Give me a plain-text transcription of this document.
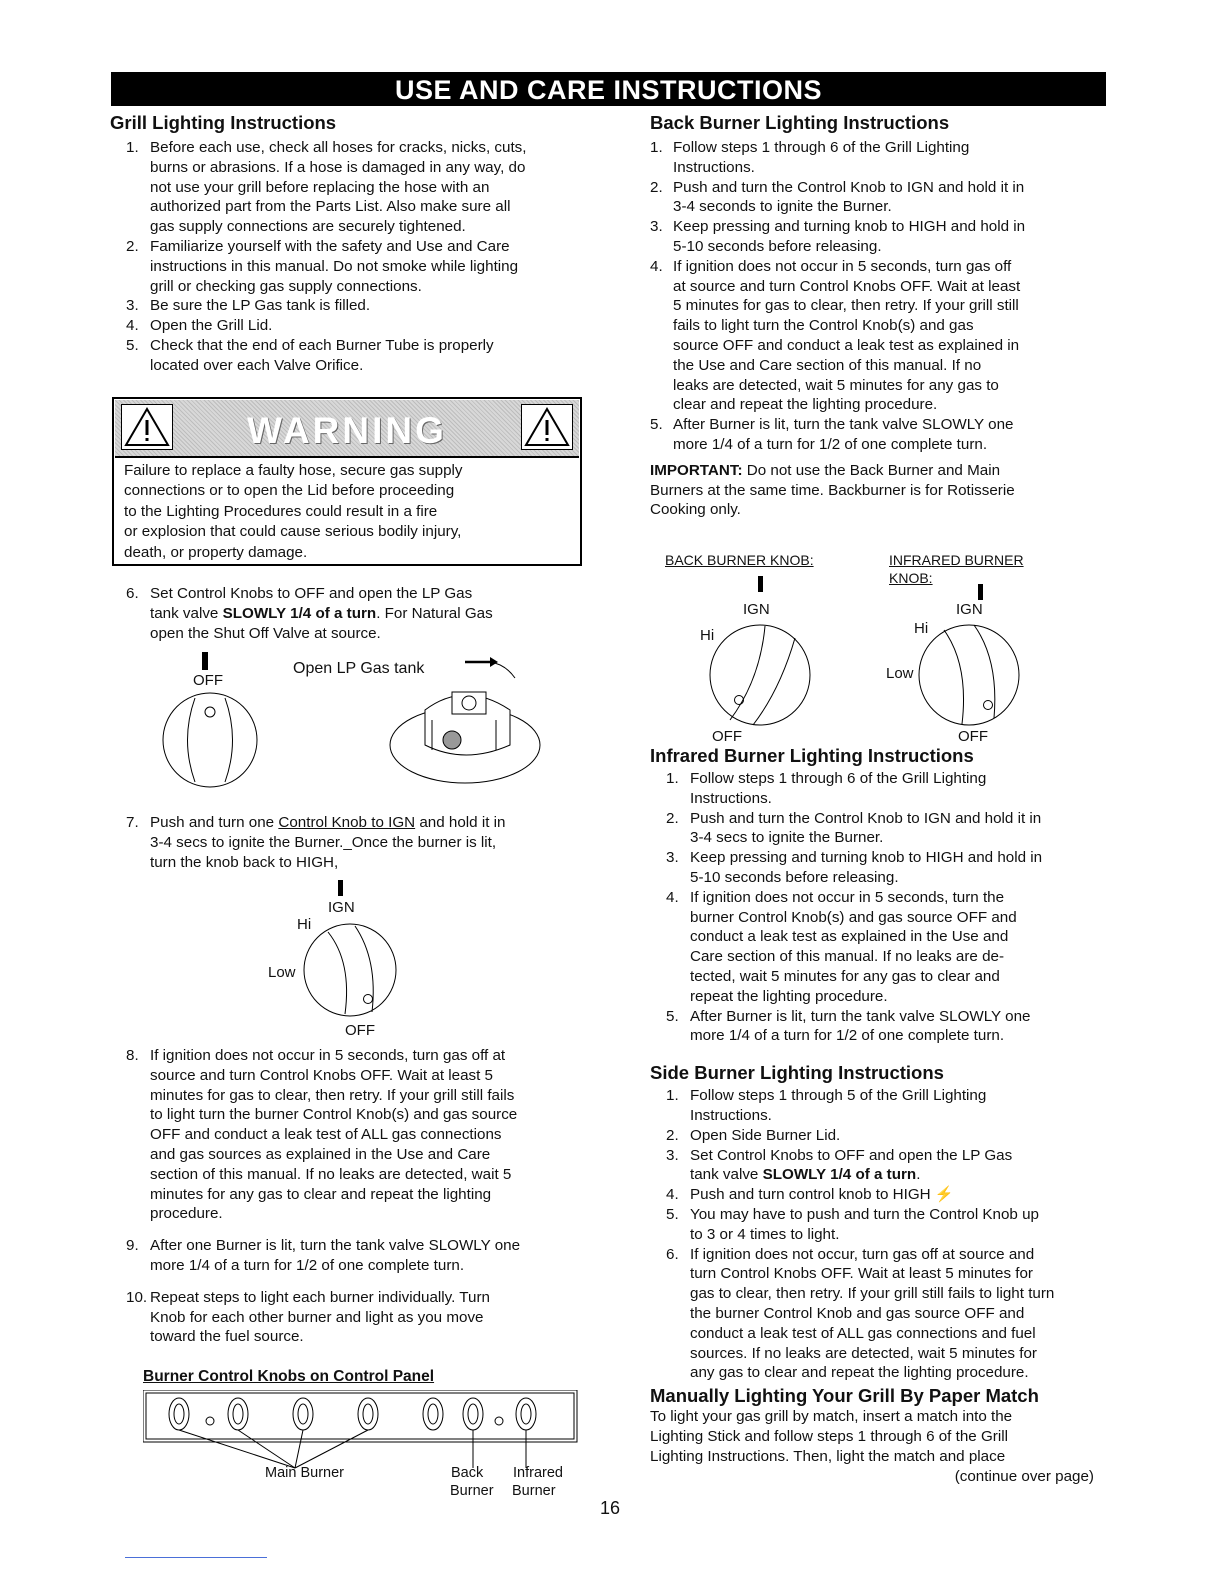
USE AND CARE INSTRUCTIONS
Grill Lighting Instructions
1. Before each use, check all hoses for cracks, nicks, cuts,
burns or abrasions. If a hose is damaged in any way, do
not use your grill before replacing the hose with an
authorized part from the Parts List. Also make sure all
gas supply connections are securely tightened.
2. Familiarize yourself with the safety and Use and Care
instructions in this manual. Do not smoke while lighting
grill or checking gas supply connections.
3. Be sure the LP Gas tank is filled.
4. Open the Grill Lid.
5. Check that the end of each Burner Tube is properly
located over each Valve Orifice.
WARNING
Failure to replace a faulty hose, secure gas supply
connections or to open the Lid before proceeding
to the Lighting Procedures could result in a fire
or explosion that could cause serious bodily injury,
death, or property damage.
6. Set Control Knobs to OFF and open the LP Gas
tank valve SLOWLY 1/4 of a turn. For Natural Gas
open the Shut Off Valve at source.
OFF
Open LP Gas tank
7. Push and turn one Control Knob to IGN and hold it in
3-4 secs to ignite the Burner._Once the burner is lit,
turn the knob back to HIGH,
IGN
Hi
Low
OFF
8. If ignition does not occur in 5 seconds, turn gas off at
source and turn Control Knobs OFF. Wait at least 5
minutes for gas to clear, then retry. If your grill still fails
to light turn the burner Control Knob(s) and gas source
OFF and conduct a leak test of ALL gas connections
and gas sources as explained in the Use and Care
section of this manual. If no leaks are detected, wait 5
minutes for any gas to clear and repeat the lighting
procedure.
9. After one Burner is lit, turn the tank valve SLOWLY one
more 1/4 of a turn for 1/2 of one complete turn.
10. Repeat steps to light each burner individually. Turn
Knob for each other burner and light as you move
toward the fuel source.
Burner Control Knobs on Control Panel
Main Burner	Back
Burner
Infrared
Burner
Back Burner Lighting Instructions
1. Follow steps 1 through 6 of the Grill Lighting
Instructions.
2. Push and turn the Control Knob to IGN and hold it in
3-4 seconds to ignite the Burner.
3. Keep pressing and turning knob to HIGH and hold in
5-10 seconds before releasing.
4. If ignition does not occur in 5 seconds, turn gas off
at source and turn Control Knobs OFF. Wait at least
5 minutes for gas to clear, then retry. If your grill still
fails to light turn the Control Knob(s) and gas
source OFF and conduct a leak test as explained in
the Use and Care section of this manual. If no
leaks are detected, wait 5 minutes for any gas to
clear and repeat the lighting procedure.
5. After Burner is lit, turn the tank valve SLOWLY one
more 1/4 of a turn for 1/2 of one complete turn.

IMPORTANT: Do not use the Back Burner and Main
Burners at the same time. Backburner is for Rotisserie
Cooking only.

BACK BURNER KNOB:	INFRARED BURNER
KNOB:
IGN
Hi
OFF
IGN
Hi
Low
OFF
Infrared Burner Lighting Instructions
1. Follow steps 1 through 6 of the Grill Lighting
Instructions.
2. Push and turn the Control Knob to IGN and hold it in
3-4 secs to ignite the Burner.
3. Keep pressing and turning knob to HIGH and hold in
5-10 seconds before releasing.
4. If ignition does not occur in 5 seconds, turn the
burner Control Knob(s) and gas source OFF and
conduct a leak test as explained in the Use and
Care section of this manual. If no leaks are de-
tected, wait 5 minutes for any gas to clear and
repeat the lighting procedure.
5. After Burner is lit, turn the tank valve SLOWLY one
more 1/4 of a turn for 1/2 of one complete turn.
Side Burner Lighting Instructions
1. Follow steps 1 through 5 of the Grill Lighting
Instructions.
2. Open Side Burner Lid.
3. Set Control Knobs to OFF and open the LP Gas
tank valve SLOWLY 1/4 of a turn.
4. Push and turn control knob to HIGH ⚡
5. You may have to push and turn the Control Knob up
to 3 or 4 times to light.
6. If ignition does not occur, turn gas off at source and
turn Control Knobs OFF. Wait at least 5 minutes for
gas to clear, then retry. If your grill still fails to light turn
the burner Control Knob and gas source OFF and
conduct a leak test of ALL gas connections and fuel
sources. If no leaks are detected, wait 5 minutes for
any gas to clear and repeat the lighting procedure.
Manually Lighting Your Grill By Paper Match

To light your gas grill by match, insert a match into the
Lighting Stick and follow steps 1 through 6 of the Grill
Lighting Instructions. Then, light the match and place

(continue over page)

16
